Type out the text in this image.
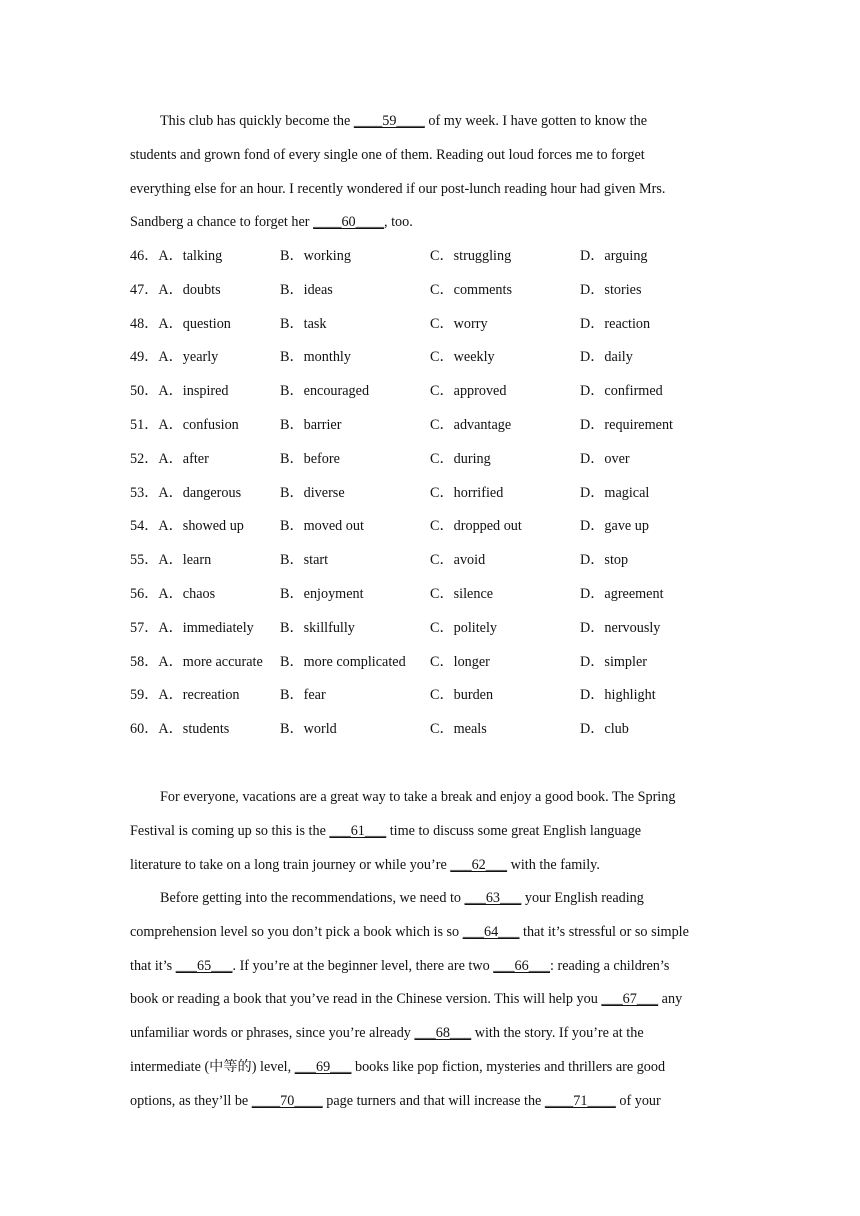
This club has quickly become the ____59____ of my week. I have gotten to know the
students and grown fond of every single one of them. Reading out loud forces me to forget
everything else for an hour. I recently wondered if our post-lunch reading hour had given Mrs.
Sandberg a chance to forget her ____60____, too.

46．A．talking	B．working	C．struggling	D．arguing
47．A．doubts	B．ideas	C．comments	D．stories
48．A．question	B．task	C．worry	D．reaction
49．A．yearly	B．monthly	C．weekly	D．daily
50．A．inspired	B．encouraged	C．approved	D．confirmed
51．A．confusion	B．barrier	C．advantage	D．requirement
52．A．after	B．before	C．during	D．over
53．A．dangerous	B．diverse	C．horrified	D．magical
54．A．showed up	B．moved out	C．dropped out	D．gave up
55．A．learn	B．start	C．avoid	D．stop
56．A．chaos	B．enjoyment	C．silence	D．agreement
57．A．immediately B．skillfully	C．politely	D．nervously
58．A．more accurate B．more complicated C．longer	D．simpler
59．A．recreation	B．fear	C．burden	D．highlight
60．A．students	B．world	C．meals	D．club

For everyone, vacations are a great way to take a break and enjoy a good book. The Spring
Festival is coming up so this is the ___61___ time to discuss some great English language
literature to take on a long train journey or while you’re ___62___ with the family.

Before getting into the recommendations, we need to ___63___ your English reading
comprehension level so you don’t pick a book which is so ___64___ that it’s stressful or so simple
that it’s ___65___. If you’re at the beginner level, there are two ___66___: reading a children’s
book or reading a book that you’ve read in the Chinese version. This will help you ___67___ any
unfamiliar words or phrases, since you’re already ___68___ with the story. If you’re at the
intermediate (中等的) level, ___69___ books like pop fiction, mysteries and thrillers are good
options, as they’ll be ____70____ page turners and that will increase the ____71____ of your
